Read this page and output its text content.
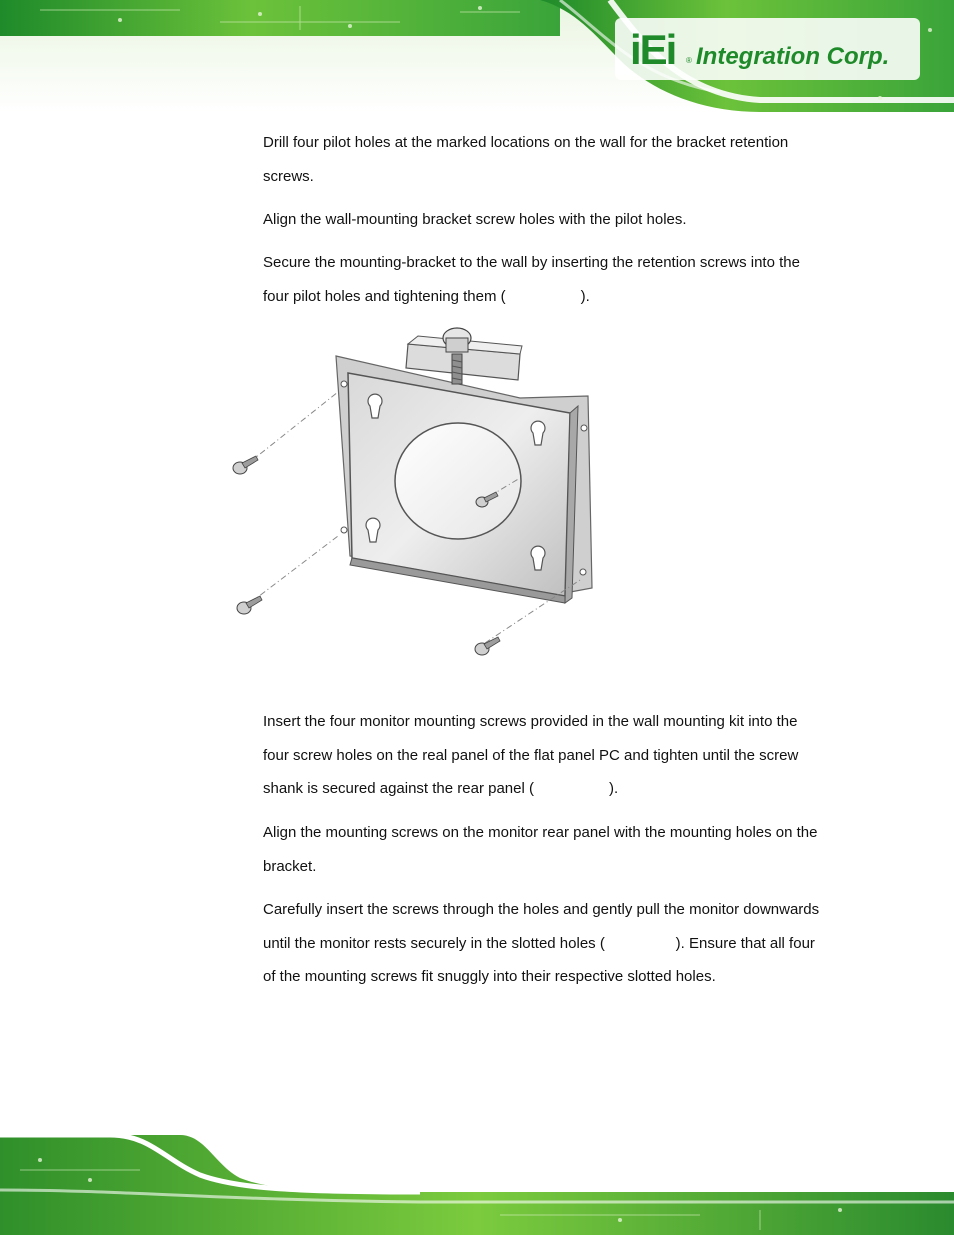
iEi ® Integration Corp.

Drill four pilot holes at the marked locations on the wall for the bracket retention screws.

Align the wall-mounting bracket screw holes with the pilot holes.

Secure the mounting-bracket to the wall by inserting the retention screws into the four pilot holes and tightening them (                  ).

Insert the four monitor mounting screws provided in the wall mounting kit into the four screw holes on the real panel of the flat panel PC and tighten until the screw shank is secured against the rear panel (                  ).

Align the mounting screws on the monitor rear panel with the mounting holes on the bracket.

Carefully insert the screws through the holes and gently pull the monitor downwards until the monitor rests securely in the slotted holes (                 ). Ensure that all four of the mounting screws fit snuggly into their respective slotted holes.
